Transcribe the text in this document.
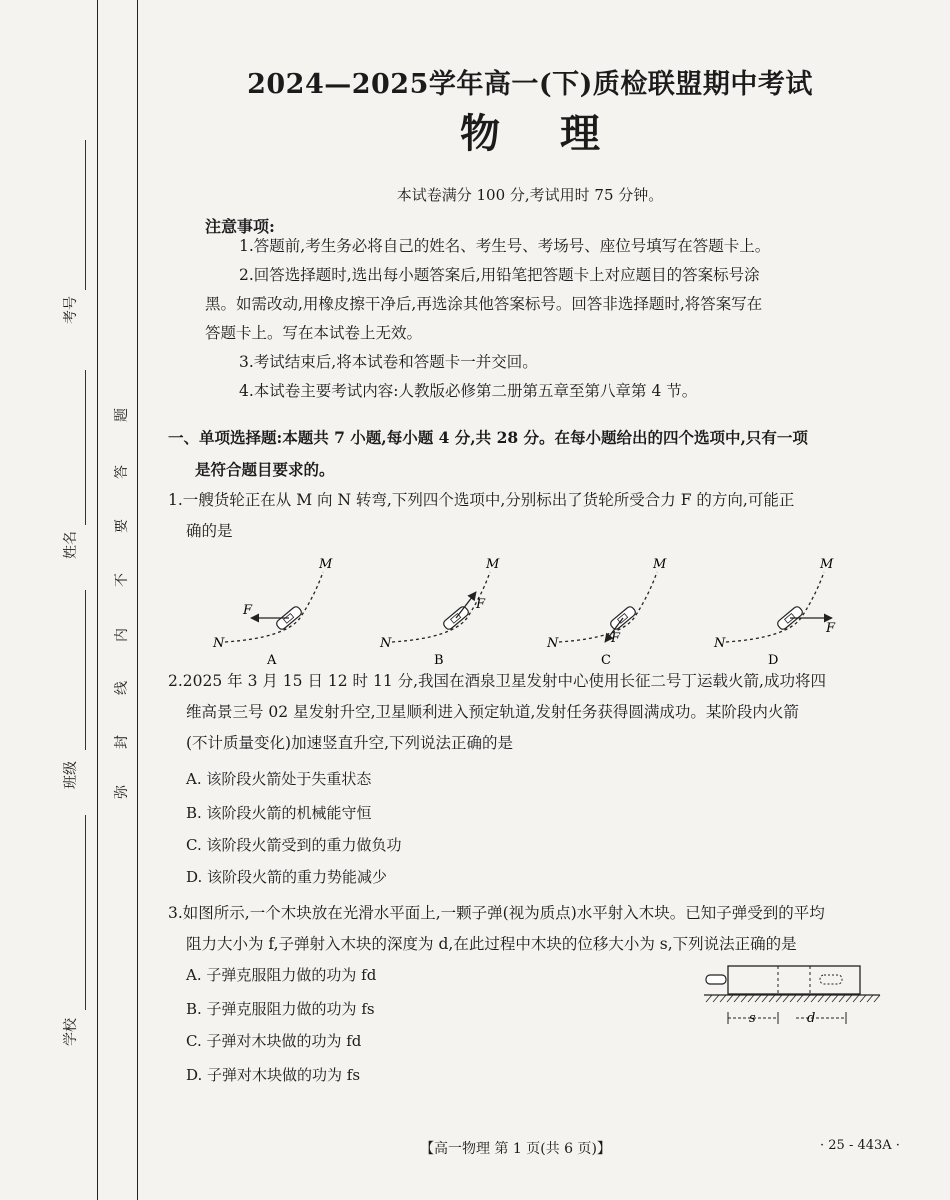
考号
姓名
班级
学校
题
答
要
不
内
线
封
弥
2024—2025学年高一(下)质检联盟期中考试
物理
本试卷满分 100 分,考试用时 75 分钟。
注意事项:

1.答题前,考生务必将自己的姓名、考生号、考场号、座位号填写在答题卡上。

2.回答选择题时,选出每小题答案后,用铅笔把答题卡上对应题目的答案标号涂

黑。如需改动,用橡皮擦干净后,再选涂其他答案标号。回答非选择题时,将答案写在

答题卡上。写在本试卷上无效。

3.考试结束后,将本试卷和答题卡一并交回。

4.本试卷主要考试内容:人教版必修第二册第五章至第八章第 4 节。

一、单项选择题:本题共 7 小题,每小题 4 分,共 28 分。在每小题给出的四个选项中,只有一项
是符合题目要求的。

1.一艘货轮正在从 M 向 N 转弯,下列四个选项中,分别标出了货轮所受合力 F 的方向,可能正

确的是

F
N
M
A
F
N
M
B
F
N
M
C
F
N
M
D

2.2025 年 3 月 15 日 12 时 11 分,我国在酒泉卫星发射中心使用长征二号丁运载火箭,成功将四

维高景三号 02 星发射升空,卫星顺利进入预定轨道,发射任务获得圆满成功。某阶段内火箭

(不计质量变化)加速竖直升空,下列说法正确的是

A. 该阶段火箭处于失重状态
B. 该阶段火箭的机械能守恒
C. 该阶段火箭受到的重力做负功
D. 该阶段火箭的重力势能减少

3.如图所示,一个木块放在光滑水平面上,一颗子弹(视为质点)水平射入木块。已知子弹受到的平均

阻力大小为 f,子弹射入木块的深度为 d,在此过程中木块的位移大小为 s,下列说法正确的是

A. 子弹克服阻力做的功为 fd
B. 子弹克服阻力做的功为 fs
C. 子弹对木块做的功为 fd
D. 子弹对木块做的功为 fs
s	d
【高一物理 第 1 页(共 6 页)】	· 25 - 443A ·
